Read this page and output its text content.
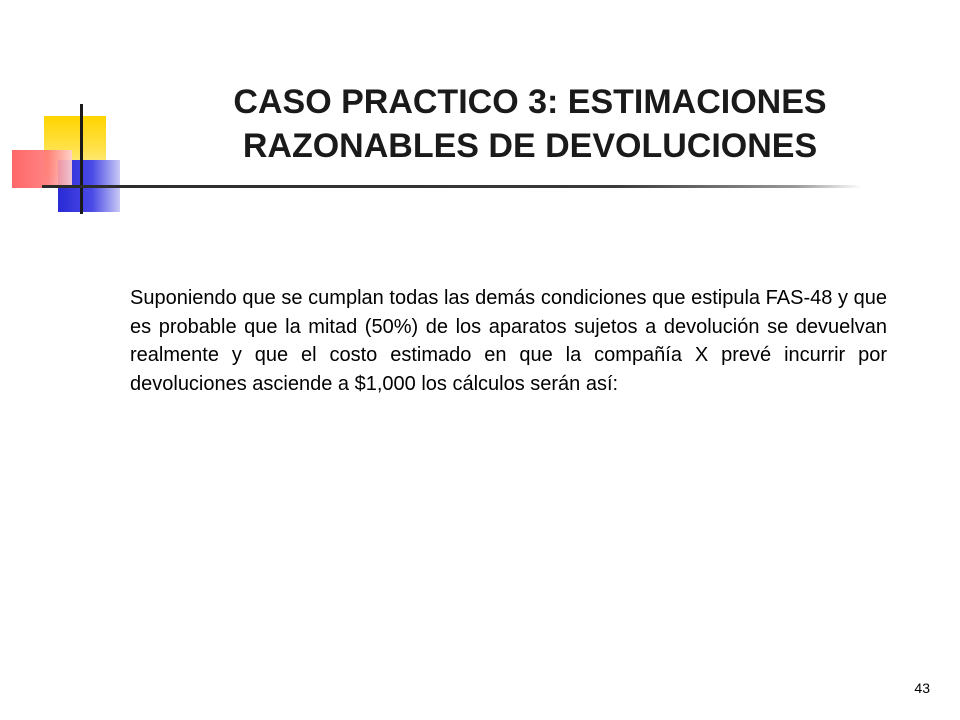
CASO PRACTICO 3: ESTIMACIONES
RAZONABLES DE DEVOLUCIONES

Suponiendo que se cumplan todas las demás condiciones que estipula FAS-48 y que es probable que la mitad (50%) de los aparatos sujetos a devolución se devuelvan realmente y que el costo estimado en que la compañía X prevé incurrir por devoluciones asciende a $1,000 los cálculos serán así:

43
